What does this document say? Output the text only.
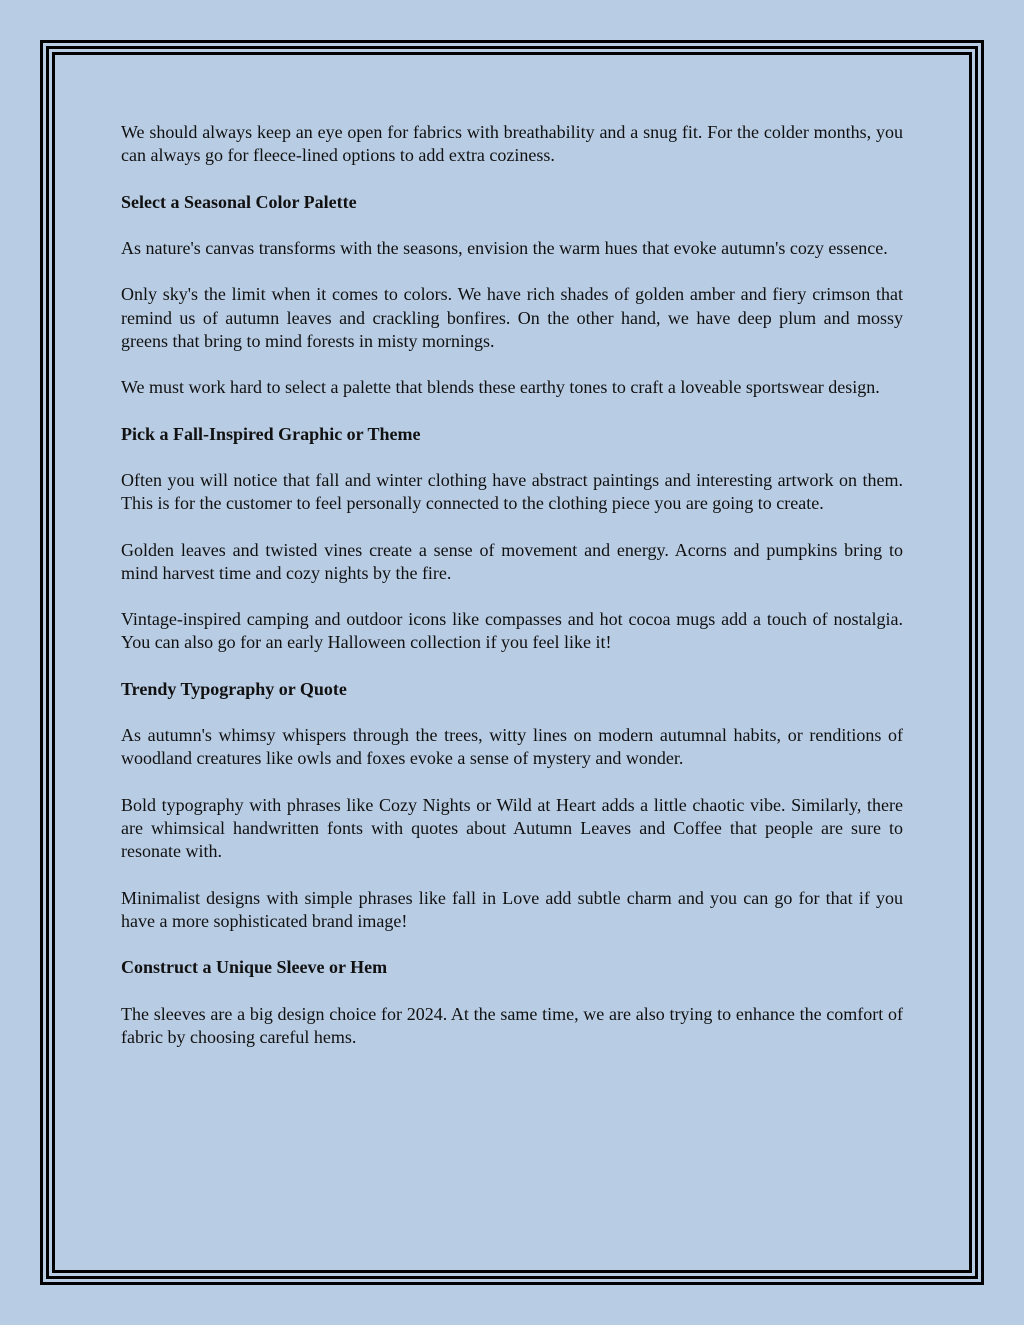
We should always keep an eye open for fabrics with breathability and a snug fit. For the colder months, you can always go for fleece-lined options to add extra coziness.

Select a Seasonal Color Palette

As nature's canvas transforms with the seasons, envision the warm hues that evoke autumn's cozy essence.

Only sky's the limit when it comes to colors. We have rich shades of golden amber and fiery crimson that remind us of autumn leaves and crackling bonfires. On the other hand, we have deep plum and mossy greens that bring to mind forests in misty mornings.

We must work hard to select a palette that blends these earthy tones to craft a loveable sportswear design.

Pick a Fall-Inspired Graphic or Theme

Often you will notice that fall and winter clothing have abstract paintings and interesting artwork on them. This is for the customer to feel personally connected to the clothing piece you are going to create.

Golden leaves and twisted vines create a sense of movement and energy. Acorns and pumpkins bring to mind harvest time and cozy nights by the fire.

Vintage-inspired camping and outdoor icons like compasses and hot cocoa mugs add a touch of nostalgia. You can also go for an early Halloween collection if you feel like it!

Trendy Typography or Quote

As autumn's whimsy whispers through the trees, witty lines on modern autumnal habits, or renditions of woodland creatures like owls and foxes evoke a sense of mystery and wonder.

Bold typography with phrases like Cozy Nights or Wild at Heart adds a little chaotic vibe. Similarly, there are whimsical handwritten fonts with quotes about Autumn Leaves and Coffee that people are sure to resonate with.

Minimalist designs with simple phrases like fall in Love add subtle charm and you can go for that if you have a more sophisticated brand image!

Construct a Unique Sleeve or Hem

The sleeves are a big design choice for 2024. At the same time, we are also trying to enhance the comfort of fabric by choosing careful hems.
